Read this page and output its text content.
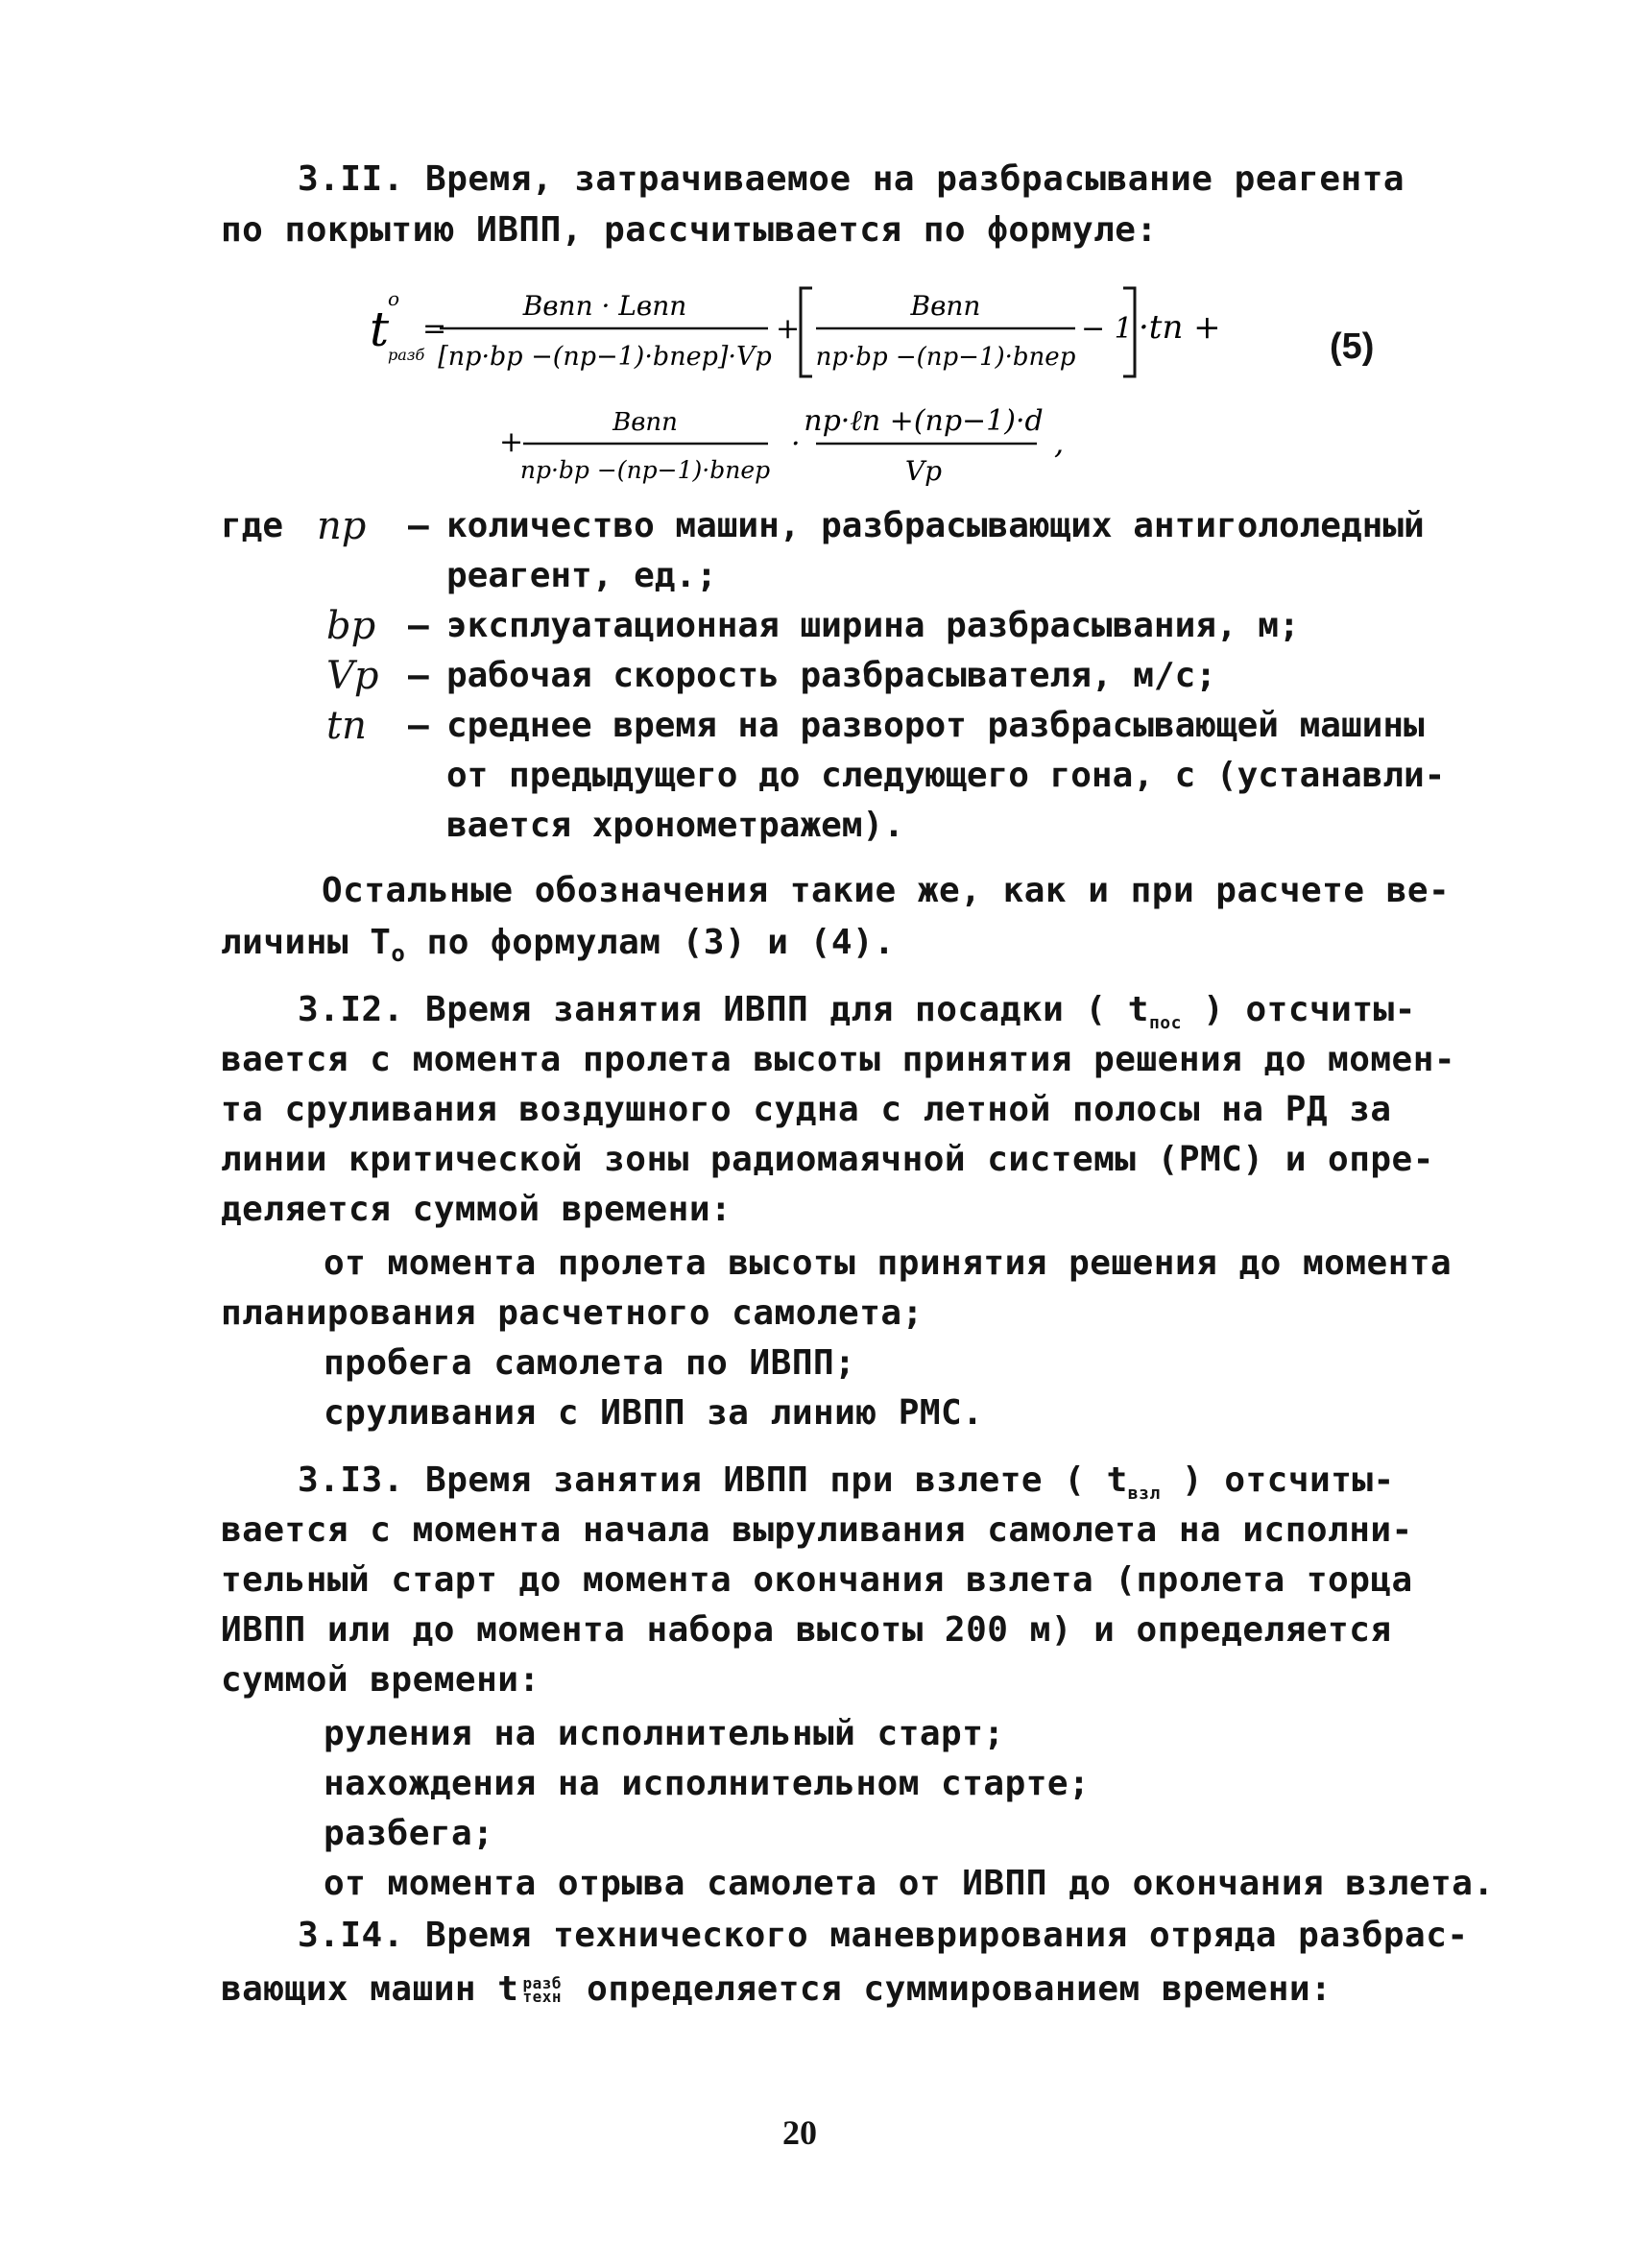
3.II. Время, затрачиваемое на разбрасывание реагента
по покрытию ИВПП, рассчитывается по формуле:
t
о
разб
=
Bвпп · Lвпп
[nр·bр −(nр−1)·bпер]·Vр
+
Bвпп
nр·bр −(nр−1)·bпер
− 1 ·tп +
+
Bвпп
nр·bр −(nр−1)·bпер
·
nр·ℓп +(nр−1)·d
Vр
,
(5)
где nр – количество машин, разбрасывающих антигололедный
реагент, ед.;
bр – эксплуатационная ширина разбрасывания, м;
Vр – рабочая скорость разбрасывателя, м/с;
tп – среднее время на разворот разбрасывающей машины
от предыдущего до следующего гона, с (устанавли-
вается хронометражем).
Остальные обозначения такие же, как и при расчете ве-
личины $T_о$ по формулам (3) и (4).
3.I2. Время занятия ИВПП для посадки ( $t_{пос}$ ) отсчиты-
вается с момента пролета высоты принятия решения до момен-
та сруливания воздушного судна с летной полосы на РД за
линии критической зоны радиомаячной системы (РМС) и опре-
деляется суммой времени:
от момента пролета высоты принятия решения до момента
планирования расчетного самолета;
пробега самолета по ИВПП;
сруливания с ИВПП за линию РМС.
3.I3. Время занятия ИВПП при взлете ( $t_{взл}$ ) отсчиты-
вается с момента начала выруливания самолета на исполни-
тельный старт до момента окончания взлета (пролета торца
ИВПП или до момента набора высоты 200 м) и определяется
суммой времени:
руления на исполнительный старт;
нахождения на исполнительном старте;
разбега;
от момента отрыва самолета от ИВПП до окончания взлета.
3.I4. Время технического маневрирования отряда разбрас-
вающих машин t разб
техн определяется суммированием времени:
20
